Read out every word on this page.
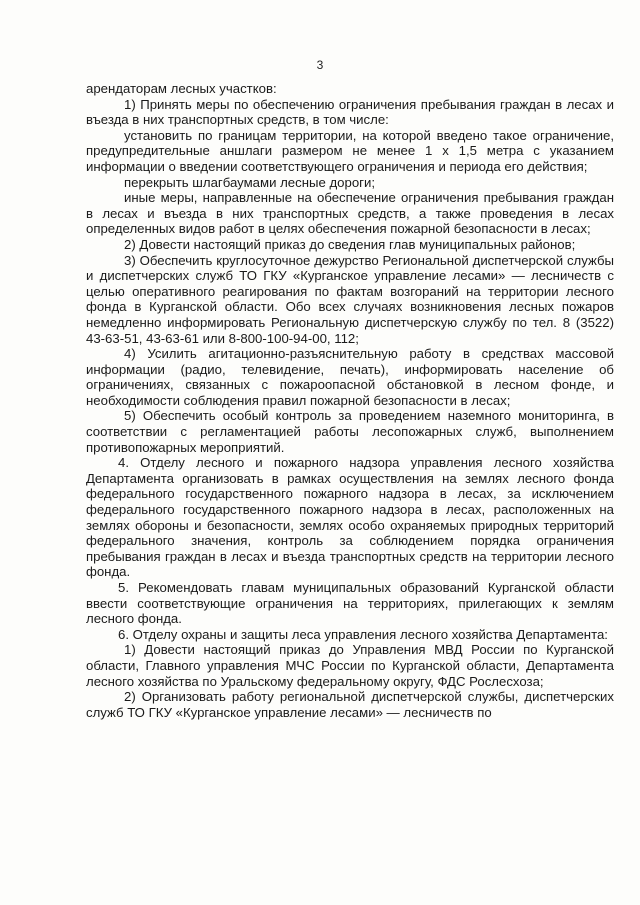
3

арендаторам лесных участков:

1) Принять меры по обеспечению ограничения пребывания граждан в лесах и въезда в них транспортных средств, в том числе:

установить по границам территории, на которой введено такое ограничение, предупредительные аншлаги размером не менее 1 х 1,5 метра с указанием информации о введении соответствующего ограничения и периода его действия;

перекрыть шлагбаумами лесные дороги;

иные меры, направленные на обеспечение ограничения пребывания граждан в лесах и въезда в них транспортных средств, а также проведения в лесах определенных видов работ в целях обеспечения пожарной безопасности в лесах;

2) Довести настоящий приказ до сведения глав муниципальных районов;

3) Обеспечить круглосуточное дежурство Региональной диспетчерской службы и диспетчерских служб ТО ГКУ «Курганское управление лесами» — лесничеств с целью оперативного реагирования по фактам возгораний на территории лесного фонда в Курганской области. Обо всех случаях возникновения лесных пожаров немедленно информировать Региональную диспетчерскую службу по тел. 8 (3522) 43-63-51, 43-63-61 или 8-800-100-94-00, 112;

4) Усилить агитационно-разъяснительную работу в средствах массовой информации (радио, телевидение, печать), информировать население об ограничениях, связанных с пожароопасной обстановкой в лесном фонде, и необходимости соблюдения правил пожарной безопасности в лесах;

5) Обеспечить особый контроль за проведением наземного мониторинга, в соответствии с регламентацией работы лесопожарных служб, выполнением противопожарных мероприятий.

4. Отделу лесного и пожарного надзора управления лесного хозяйства Департамента организовать в рамках осуществления на землях лесного фонда федерального государственного пожарного надзора в лесах, за исключением федерального государственного пожарного надзора в лесах, расположенных на землях обороны и безопасности, землях особо охраняемых природных территорий федерального значения, контроль за соблюдением порядка ограничения пребывания граждан в лесах и въезда транспортных средств на территории лесного фонда.

5. Рекомендовать главам муниципальных образований Курганской области ввести соответствующие ограничения на территориях, прилегающих к землям лесного фонда.

6. Отделу охраны и защиты леса управления лесного хозяйства Департамента:

1) Довести настоящий приказ до Управления МВД России по Курганской области, Главного управления МЧС России по Курганской области, Департамента лесного хозяйства по Уральскому федеральному округу, ФДС Рослесхоза;

2) Организовать работу региональной диспетчерской службы, диспетчерских служб ТО ГКУ «Курганское управление лесами» — лесничеств по
